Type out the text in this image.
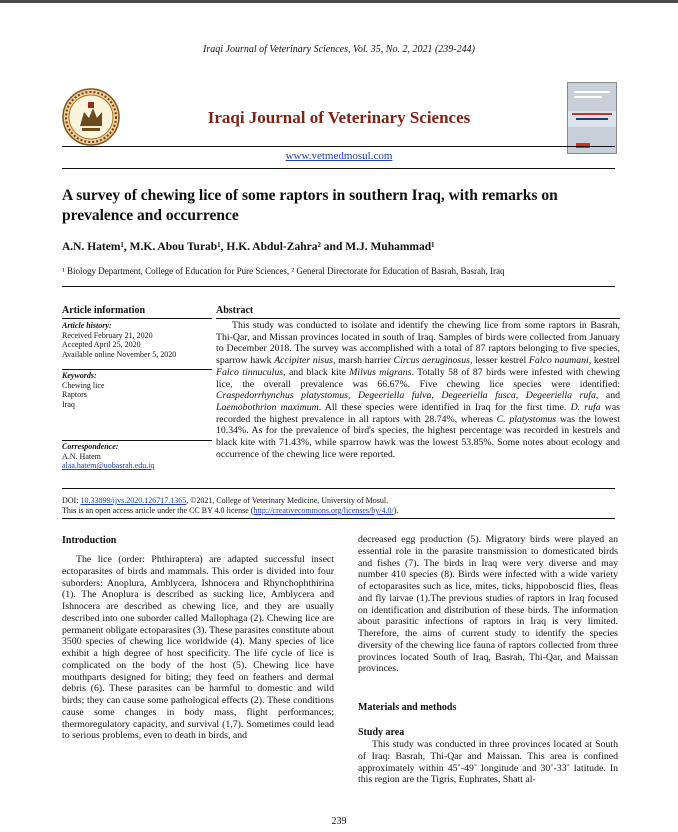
Iraqi Journal of Veterinary Sciences, Vol. 35, No. 2, 2021 (239-244)
Iraqi Journal of Veterinary Sciences
www.vetmedmosul.com
A survey of chewing lice of some raptors in southern Iraq, with remarks on prevalence and occurrence
A.N. Hatem¹, M.K. Abou Turab¹, H.K. Abdul-Zahra² and M.J. Muhammad¹
¹ Biology Department, College of Education for Pure Sciences, ² General Directorate for Education of Basrah, Basrah, Iraq
Article information	Abstract
Article history:
Received February 21, 2020
Accepted April 25, 2020
Available online November 5, 2020
Keywords:
Chewing lice
Raptors
Iraq
Correspondence:
A.N. Hatem
alaa.hatem@uobasrah.edu.iq
This study was conducted to isolate and identify the chewing lice from some raptors in Basrah, Thi-Qar, and Missan provinces located in south of Iraq. Samples of birds were collected from January to December 2018. The survey was accomplished with a total of 87 raptors belonging to five species, sparrow hawk Accipiter nisus, marsh harrier Circus aeruginosus, lesser kestrel Falco naumani, kestrel Falco tinnuculus, and black kite Milvus migrans. Totally 58 of 87 birds were infested with chewing lice, the overall prevalence was 66.67%. Five chewing lice species were identified: Craspedorrhynchus platystomus, Degeeriella fulva, Degeeriella fusca, Degeeriella rufa, and Laemobothrion maximum. All these species were identified in Iraq for the first time. D. rufa was recorded the highest prevalence in all raptors with 28.74%, whereas C. platystomus was the lowest 10.34%. As for the prevalence of bird's species, the highest percentage was recorded in kestrels and black kite with 71.43%, while sparrow hawk was the lowest 53.85%. Some notes about ecology and occurrence of the chewing lice were reported.
DOI: 10.33899/ijvs.2020.126717.1365, ©2021, College of Veterinary Medicine, University of Mosul.
This is an open access article under the CC BY 4.0 license (http://creativecommons.org/licenses/by/4.0/).
Introduction

The lice (order: Phthiraptera) are adapted successful insect ectoparasites of birds and mammals. This order is divided into four suborders: Anoplura, Amblycera, Ishnocera and Rhynchophthirina (1). The Anoplura is described as sucking lice, Amblycera and Ishnocera are described as chewing lice, and they are usually described into one suborder called Mallophaga (2). Chewing lice are permanent obligate ectoparasites (3). These parasites constitute about 3500 species of chewing lice worldwide (4). Many species of lice exhibit a high degree of host specificity. The life cycle of lice is complicated on the body of the host (5). Chewing lice have mouthparts designed for biting; they feed on feathers and dermal debris (6). These parasites can be harmful to domestic and wild birds; they can cause some pathological effects (2). These conditions cause some changes in body mass, flight performances; thermoregulatory capacity, and survival (1,7). Sometimes could lead to serious problems, even to death in birds, and

decreased egg production (5). Migratory birds were played an essential role in the parasite transmission to domesticated birds and fishes (7). The birds in Iraq were very diverse and may number 410 species (8). Birds were infected with a wide variety of ectoparasites such as lice, mites, ticks, hippoboscid flies, fleas and fly larvae (1).The previous studies of raptors in Iraq focused on identification and distribution of these birds. The information about parasitic infections of raptors in Iraq is very limited. Therefore, the aims of current study to identify the species diversity of the chewing lice fauna of raptors collected from three provinces located South of Iraq, Basrah, Thi-Qar, and Maissan provinces.

Materials and methods
Study area

This study was conducted in three provinces located at South of Iraq: Basrah, Thi-Qar and Maissan. This area is confined approximately within 45˚-49˚ longitude and 30˚-33˚ latitude. In this region are the Tigris, Euphrates, Shatt al-

239
